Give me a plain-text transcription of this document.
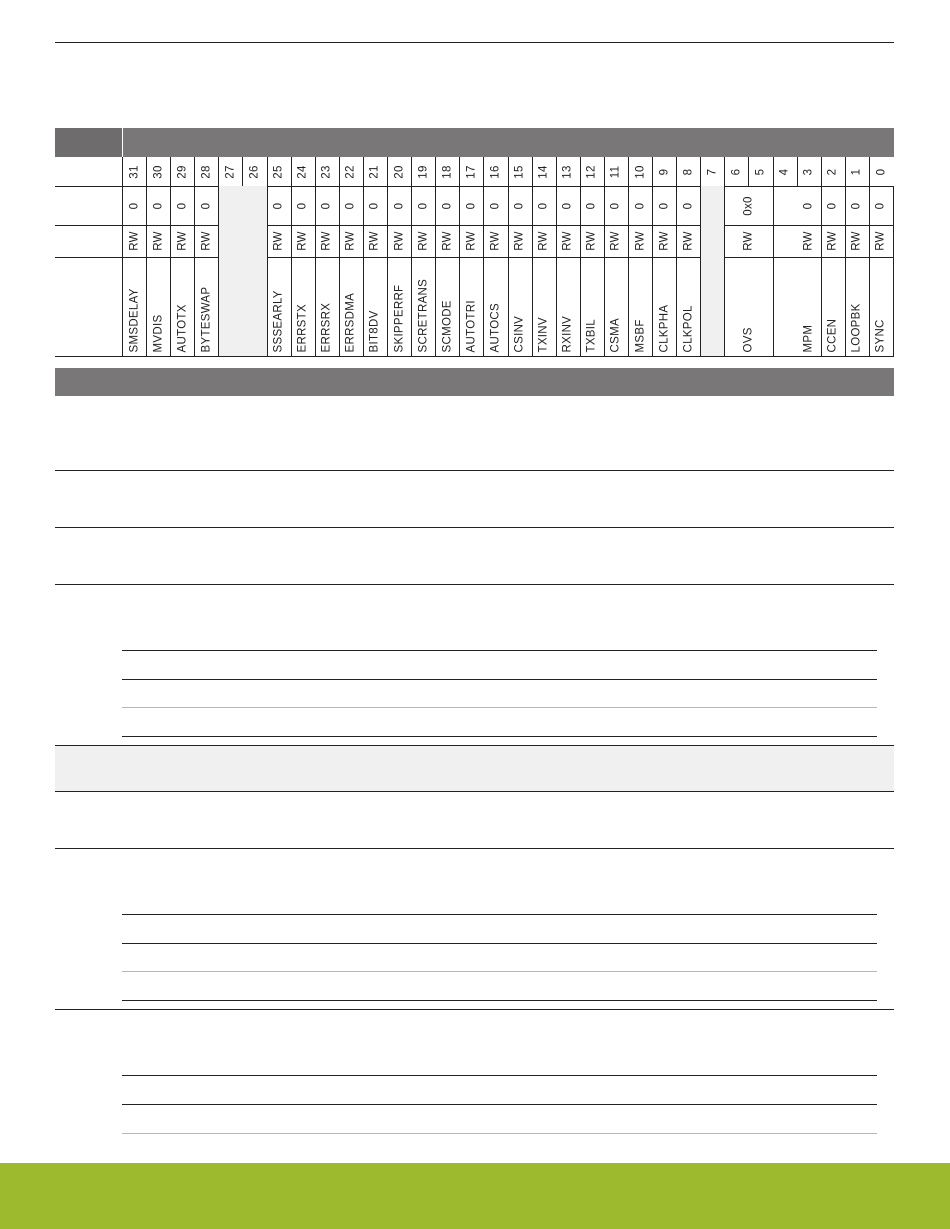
31 30 29 28 27 26 25 24 23 22 21 20 19 18 17 16 15 14 13 12 11 10 9 8 7 6 5 4 3 2 1 0
0
RW
SMSDELAY
0
RW
MVDIS
0
RW
AUTOTX
0
RW
BYTESWAP
0
RW
SSSEARLY
0
RW
ERRSTX
0
RW
ERRSRX
0
RW
ERRSDMA
0
RW
BIT8DV
0
RW
SKIPPERRF
0
RW
SCRETRANS
0
RW
SCMODE
0
RW
AUTOTRI
0
RW
AUTOCS
0
RW
CSINV
0
RW
TXINV
0
RW
RXINV
0
RW
TXBIL
0
RW
CSMA
0
RW
MSBF
0
RW
CLKPHA
0
RW
CLKPOL
0
RW
MPM
0
RW
CCEN
0
RW
LOOPBK
0
RW
SYNC
0x0
RW
OVS
